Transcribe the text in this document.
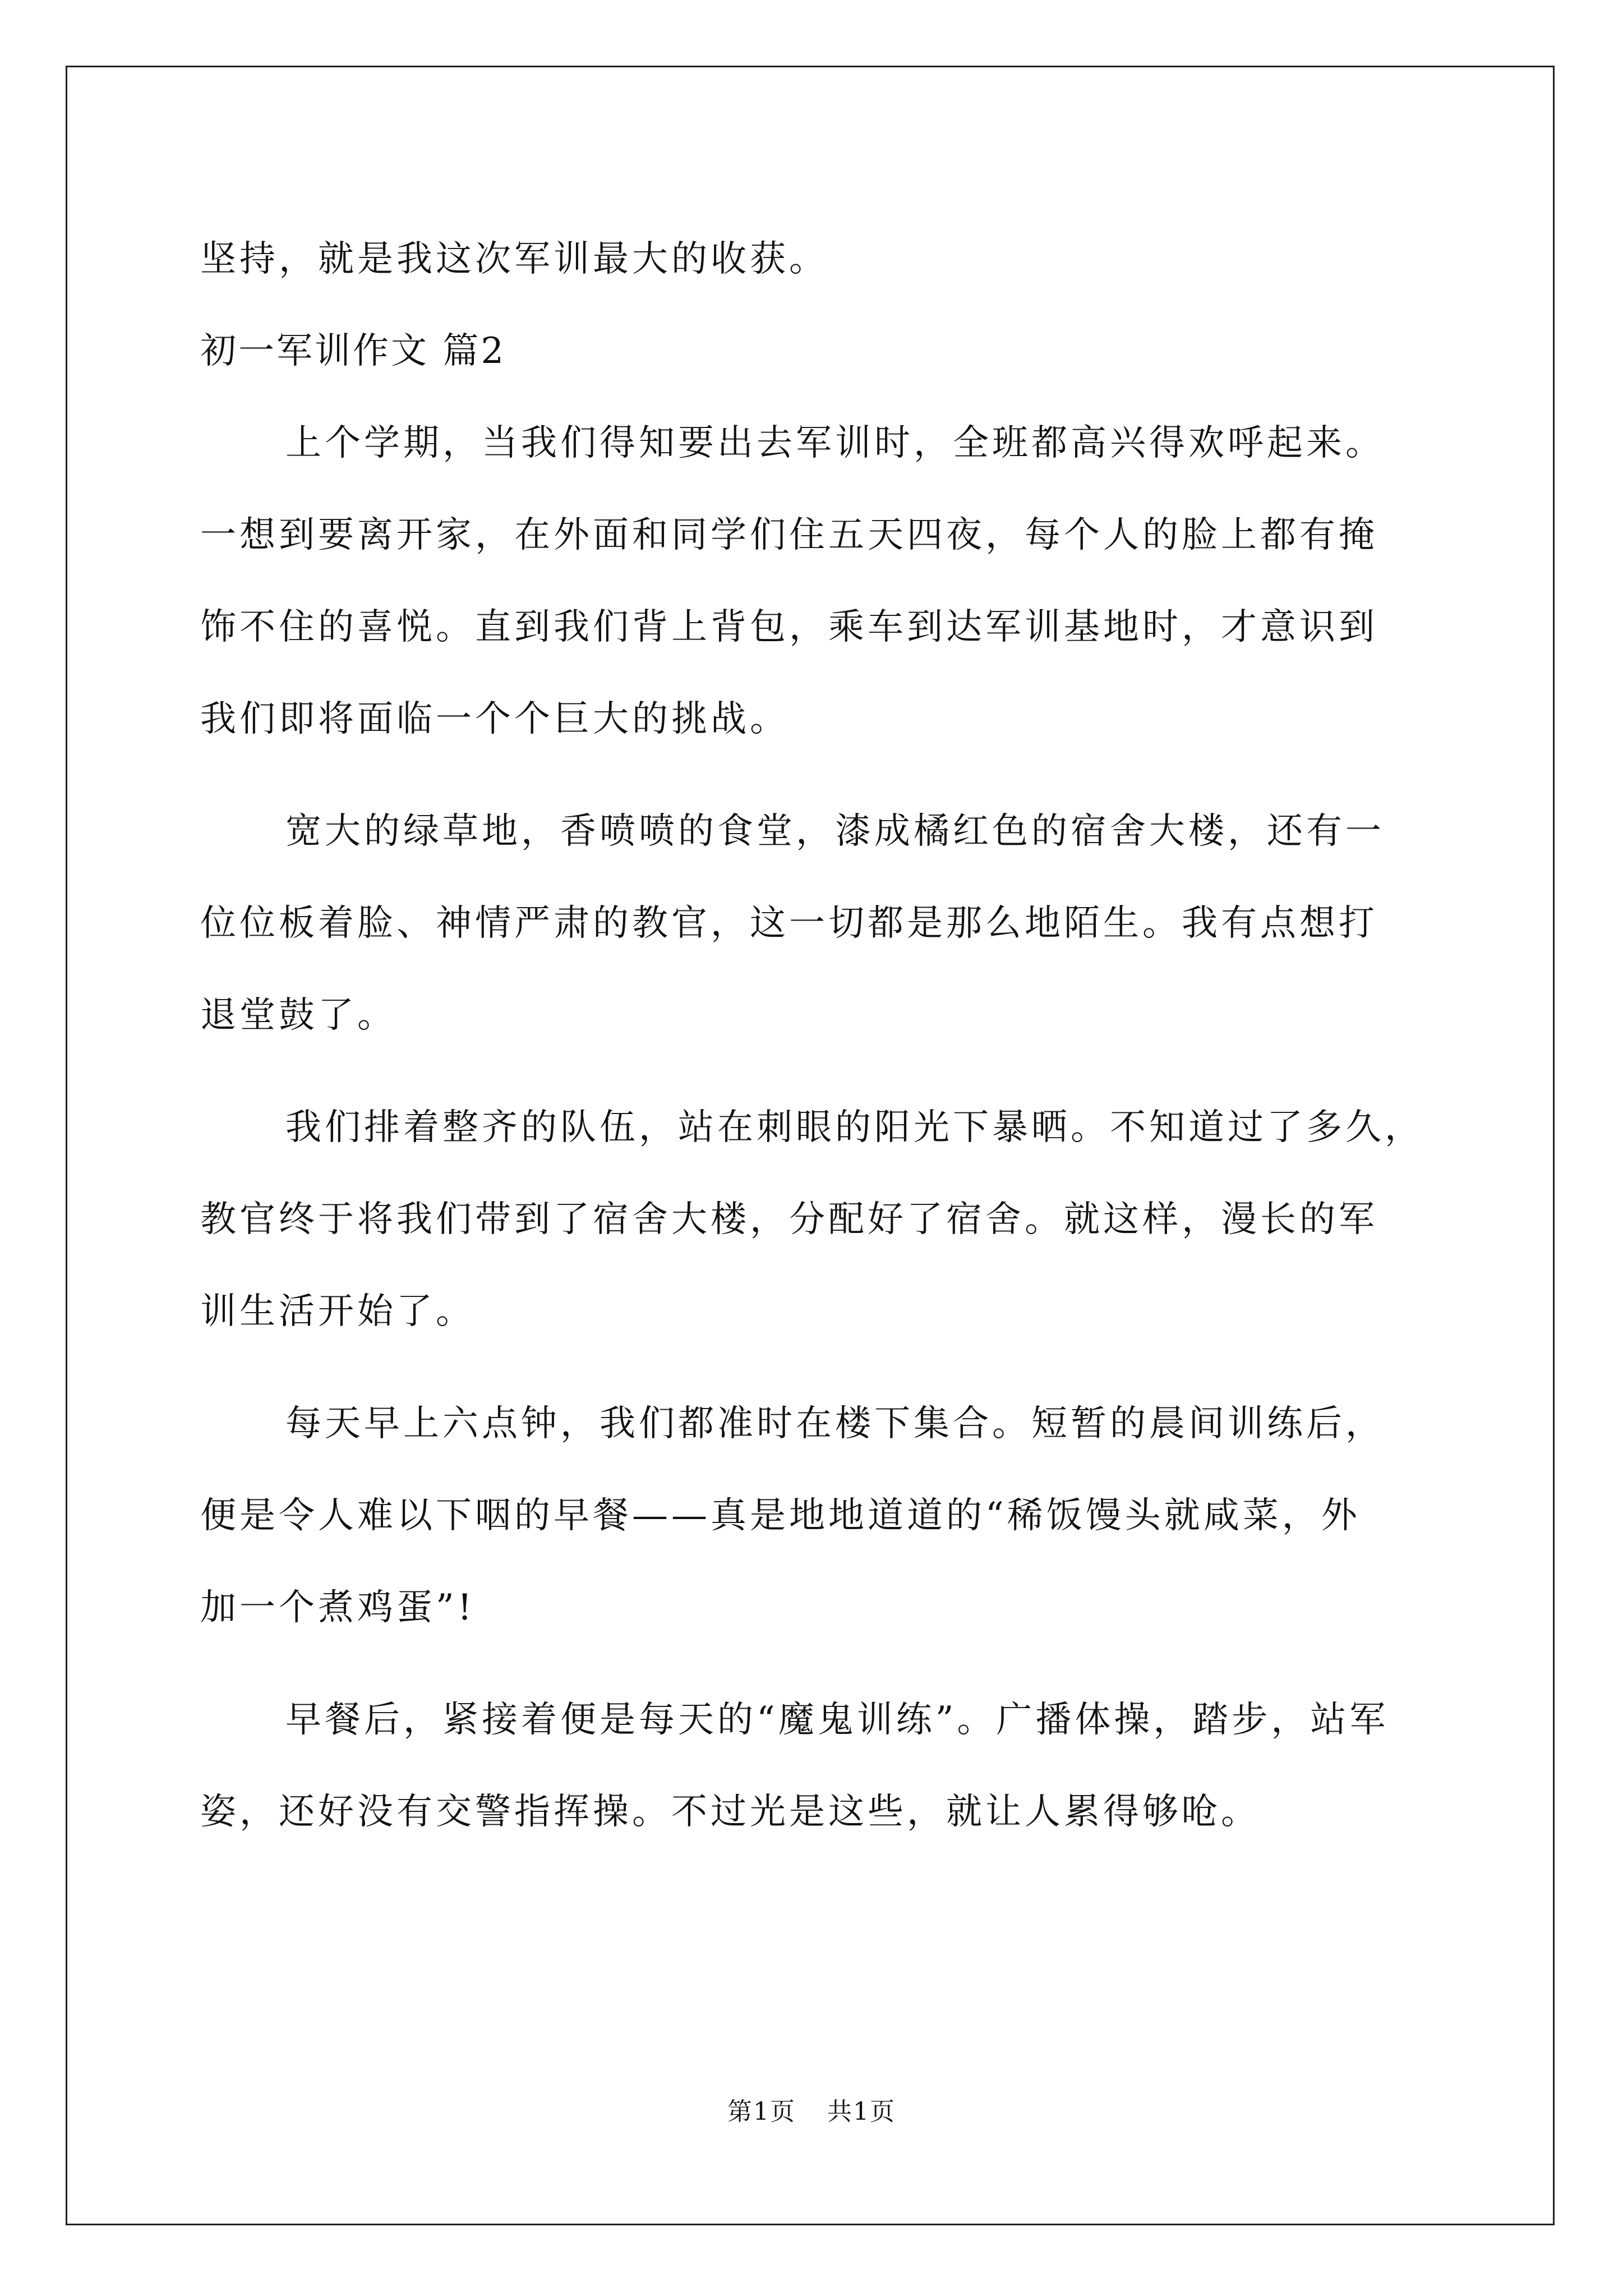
坚持，就是我这次军训最大的收获。
初一军训作文 篇2
上个学期，当我们得知要出去军训时，全班都高兴得欢呼起来。
一想到要离开家，在外面和同学们住五天四夜，每个人的脸上都有掩
饰不住的喜悦。直到我们背上背包，乘车到达军训基地时，才意识到
我们即将面临一个个巨大的挑战。
宽大的绿草地，香喷喷的食堂，漆成橘红色的宿舍大楼，还有一
位位板着脸、神情严肃的教官，这一切都是那么地陌生。我有点想打
退堂鼓了。
我们排着整齐的队伍，站在刺眼的阳光下暴晒。不知道过了多久，
教官终于将我们带到了宿舍大楼，分配好了宿舍。就这样，漫长的军
训生活开始了。
每天早上六点钟，我们都准时在楼下集合。短暂的晨间训练后，
便是令人难以下咽的早餐——真是地地道道的“稀饭馒头就咸菜，外
加一个煮鸡蛋”!
早餐后，紧接着便是每天的“魔鬼训练”。广播体操，踏步，站军
姿，还好没有交警指挥操。不过光是这些，就让人累得够呛。
第1页 共1页
